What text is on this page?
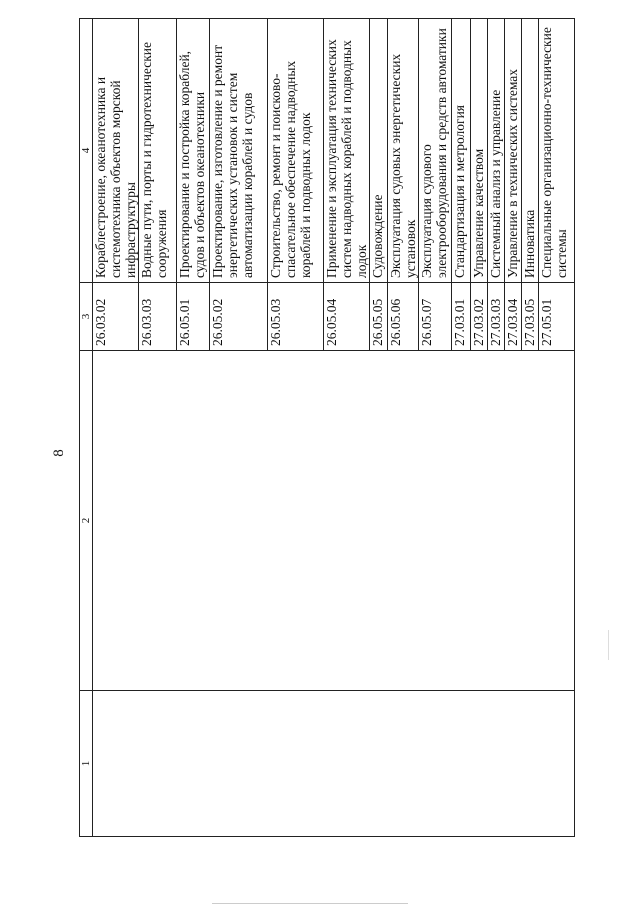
8
1	2	3	4
		26.03.02	Кораблестроение, океанотехника и системотехника объектов морской инфраструктуры
		26.03.03	Водные пути, порты и гидротехнические сооружения
		26.05.01	Проектирование и постройка кораблей, судов и объектов океанотехники
		26.05.02	Проектирование, изготовление и ремонт энергетических установок и систем автоматизации кораблей и судов
		26.05.03	Строительство, ремонт и поисково-спасательное обеспечение надводных кораблей и подводных лодок
		26.05.04	Применение и эксплуатация технических систем надводных кораблей и подводных лодок
		26.05.05	Судовождение
		26.05.06	Эксплуатация судовых энергетических установок
		26.05.07	Эксплуатация судового электрооборудования и средств автоматики
		27.03.01	Стандартизация и метрология
		27.03.02	Управление качеством
		27.03.03	Системный анализ и управление
		27.03.04	Управление в технических системах
		27.03.05	Инноватика
		27.05.01	Специальные организационно-технические системы
